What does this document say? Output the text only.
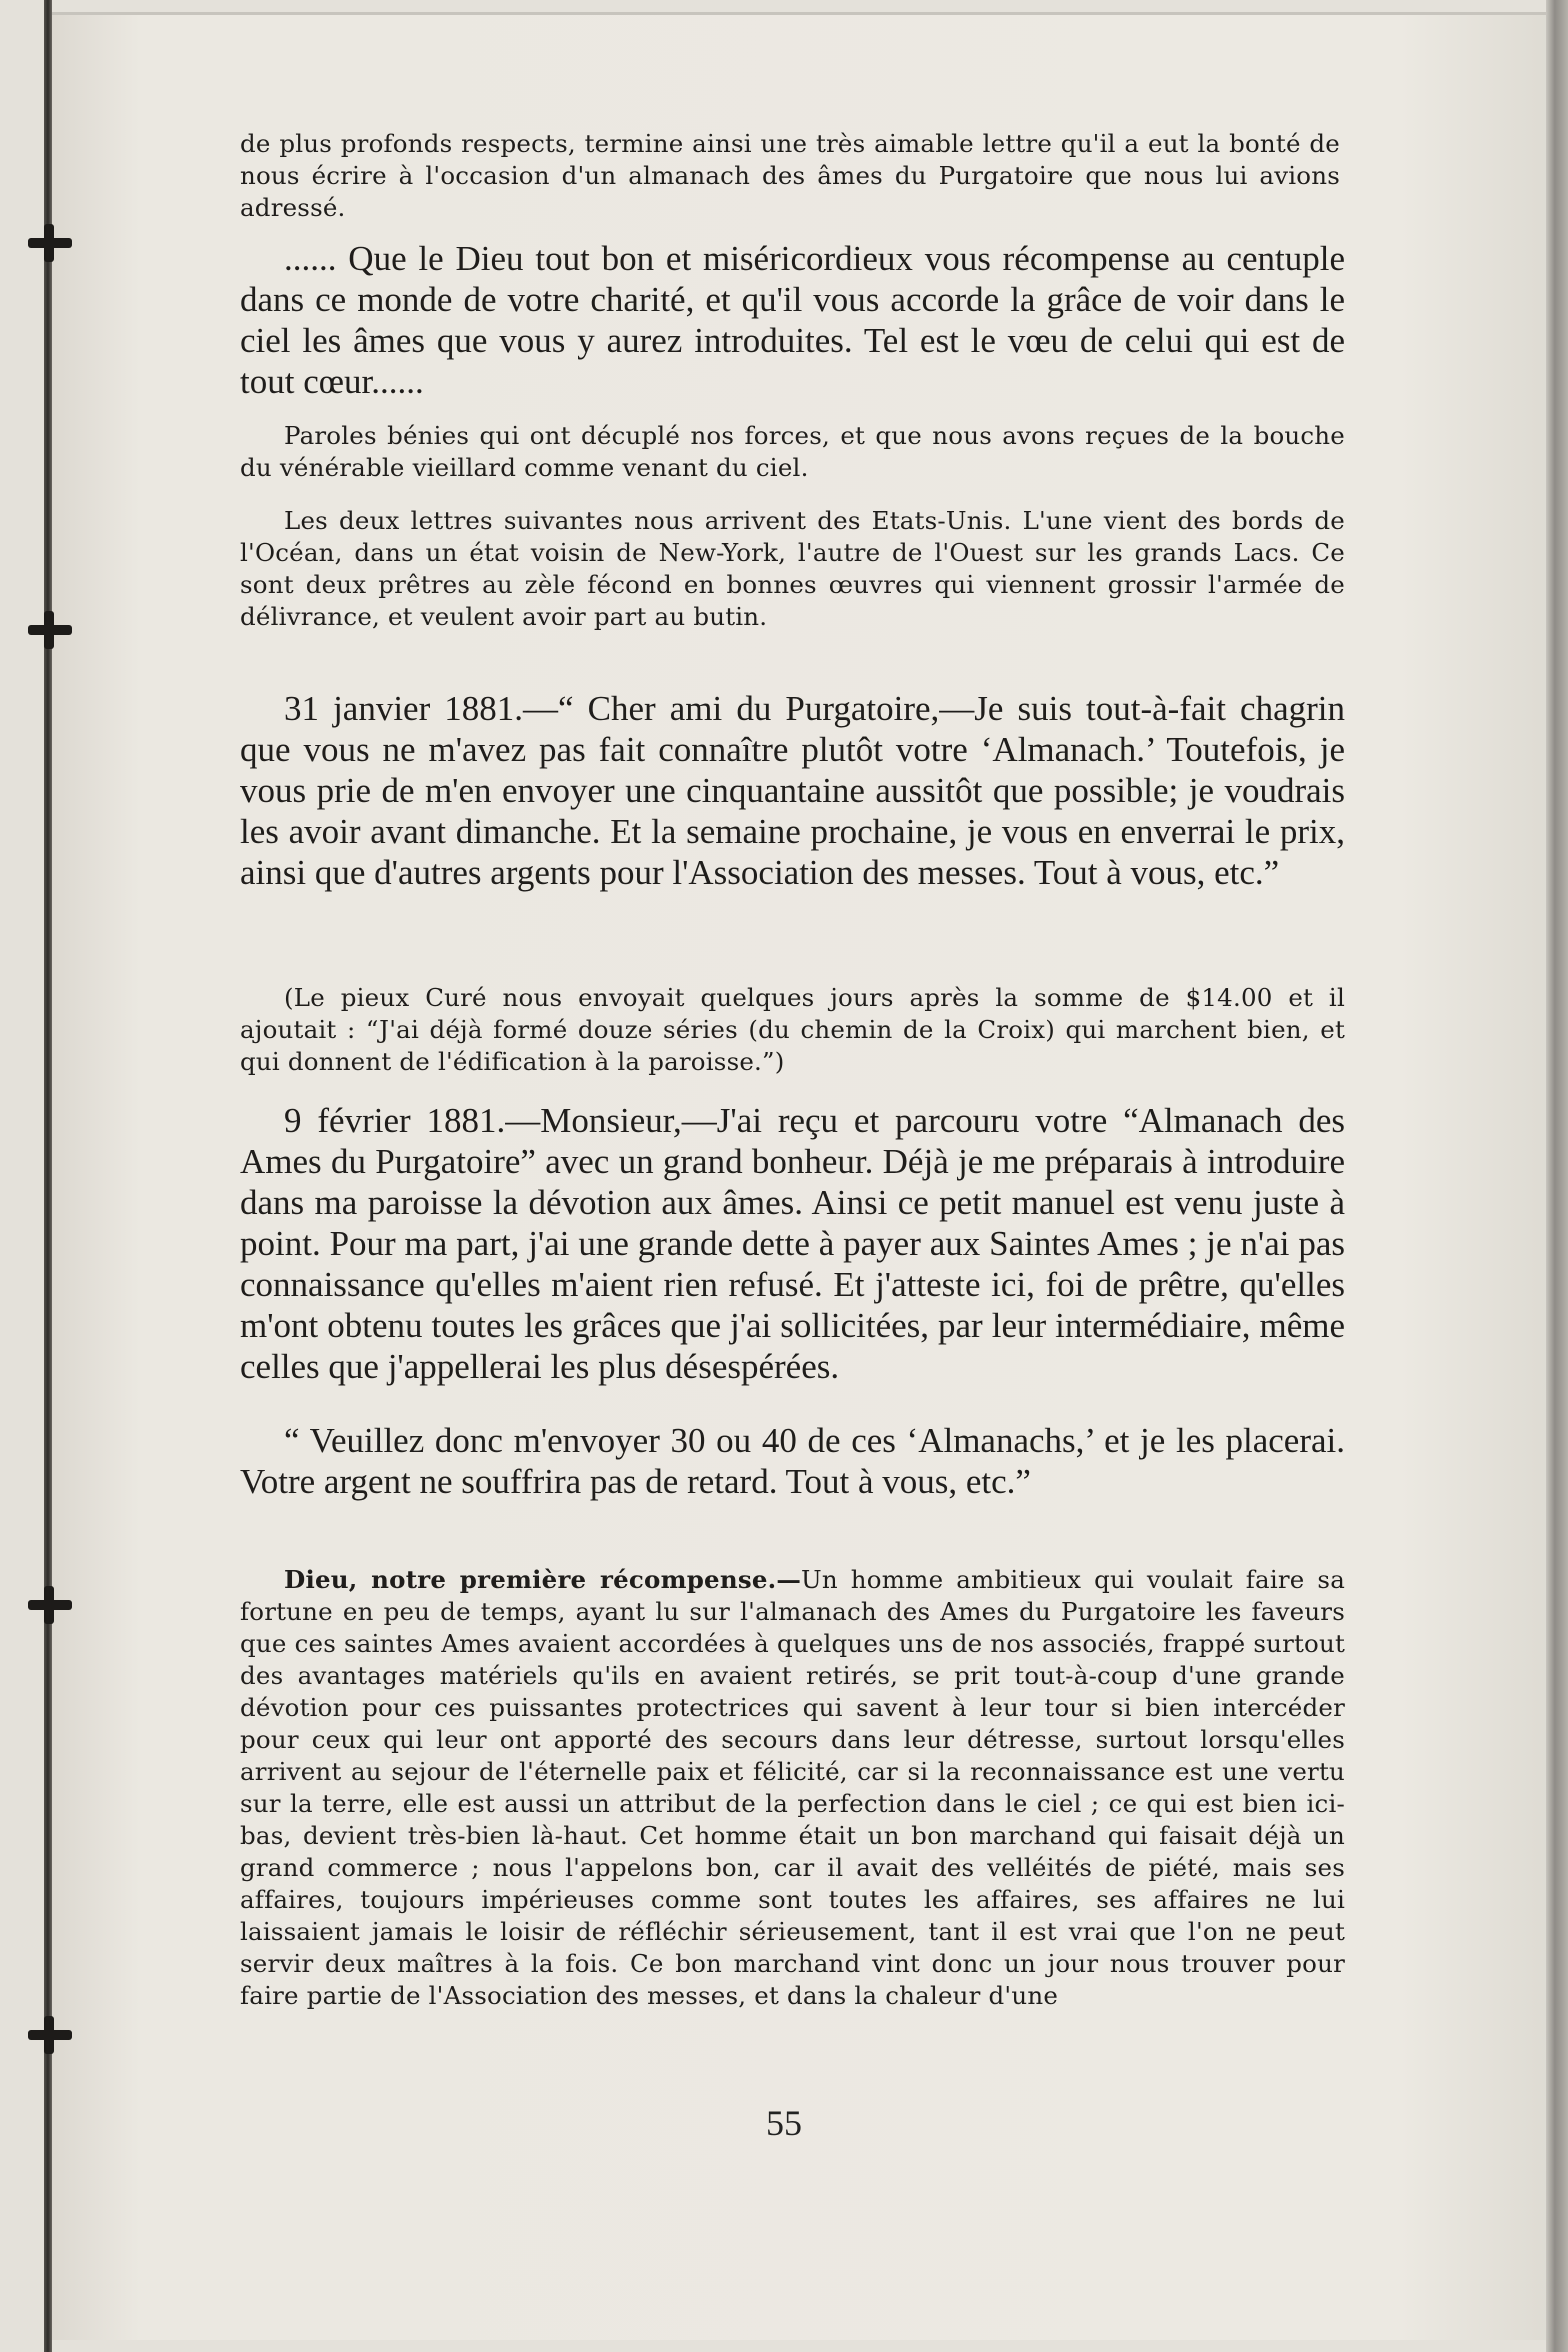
de plus profonds respects, termine ainsi une très aimable lettre qu'il a eut la bonté de nous écrire à l'occasion d'un almanach des âmes du Purgatoire que nous lui avions adressé.

...... Que le Dieu tout bon et miséricordieux vous récompense au centuple dans ce monde de votre charité, et qu'il vous accorde la grâce de voir dans le ciel les âmes que vous y aurez introduites. Tel est le vœu de celui qui est de tout cœur......

Paroles bénies qui ont décuplé nos forces, et que nous avons reçues de la bouche du vénérable vieillard comme venant du ciel.

Les deux lettres suivantes nous arrivent des Etats-Unis. L'une vient des bords de l'Océan, dans un état voisin de New-York, l'autre de l'Ouest sur les grands Lacs. Ce sont deux prêtres au zèle fécond en bonnes œuvres qui viennent grossir l'armée de délivrance, et veulent avoir part au butin.

31 janvier 1881.—“ Cher ami du Purgatoire,—Je suis tout-à-fait chagrin que vous ne m'avez pas fait connaître plutôt votre ‘Almanach.’ Toutefois, je vous prie de m'en envoyer une cinquantaine aussitôt que possible; je voudrais les avoir avant dimanche. Et la semaine prochaine, je vous en enverrai le prix, ainsi que d'autres argents pour l'Association des messes. Tout à vous, etc.”

(Le pieux Curé nous envoyait quelques jours après la somme de $14.00 et il ajoutait : “J'ai déjà formé douze séries (du chemin de la Croix) qui marchent bien, et qui donnent de l'édification à la paroisse.”)

9 février 1881.—Monsieur,—J'ai reçu et parcouru votre “Almanach des Ames du Purgatoire” avec un grand bonheur. Déjà je me préparais à introduire dans ma paroisse la dévotion aux âmes. Ainsi ce petit manuel est venu juste à point. Pour ma part, j'ai une grande dette à payer aux Saintes Ames ; je n'ai pas connaissance qu'elles m'aient rien refusé. Et j'atteste ici, foi de prêtre, qu'elles m'ont obtenu toutes les grâces que j'ai sollicitées, par leur intermédiaire, même celles que j'appellerai les plus désespérées.

“ Veuillez donc m'envoyer 30 ou 40 de ces ‘Almanachs,’ et je les placerai. Votre argent ne souffrira pas de retard. Tout à vous, etc.”

Dieu, notre première récompense.—Un homme ambitieux qui voulait faire sa fortune en peu de temps, ayant lu sur l'almanach des Ames du Purgatoire les faveurs que ces saintes Ames avaient accordées à quelques uns de nos associés, frappé surtout des avantages matériels qu'ils en avaient retirés, se prit tout-à-coup d'une grande dévotion pour ces puissantes protectrices qui savent à leur tour si bien intercéder pour ceux qui leur ont apporté des secours dans leur détresse, surtout lorsqu'elles arrivent au sejour de l'éternelle paix et félicité, car si la reconnaissance est une vertu sur la terre, elle est aussi un attribut de la perfection dans le ciel ; ce qui est bien ici-bas, devient très-bien là-haut. Cet homme était un bon marchand qui faisait déjà un grand commerce ; nous l'appelons bon, car il avait des velléités de piété, mais ses affaires, toujours impérieuses comme sont toutes les affaires, ses affaires ne lui laissaient jamais le loisir de réfléchir sérieusement, tant il est vrai que l'on ne peut servir deux maîtres à la fois. Ce bon marchand vint donc un jour nous trouver pour faire partie de l'Association des messes, et dans la chaleur d'une

55
